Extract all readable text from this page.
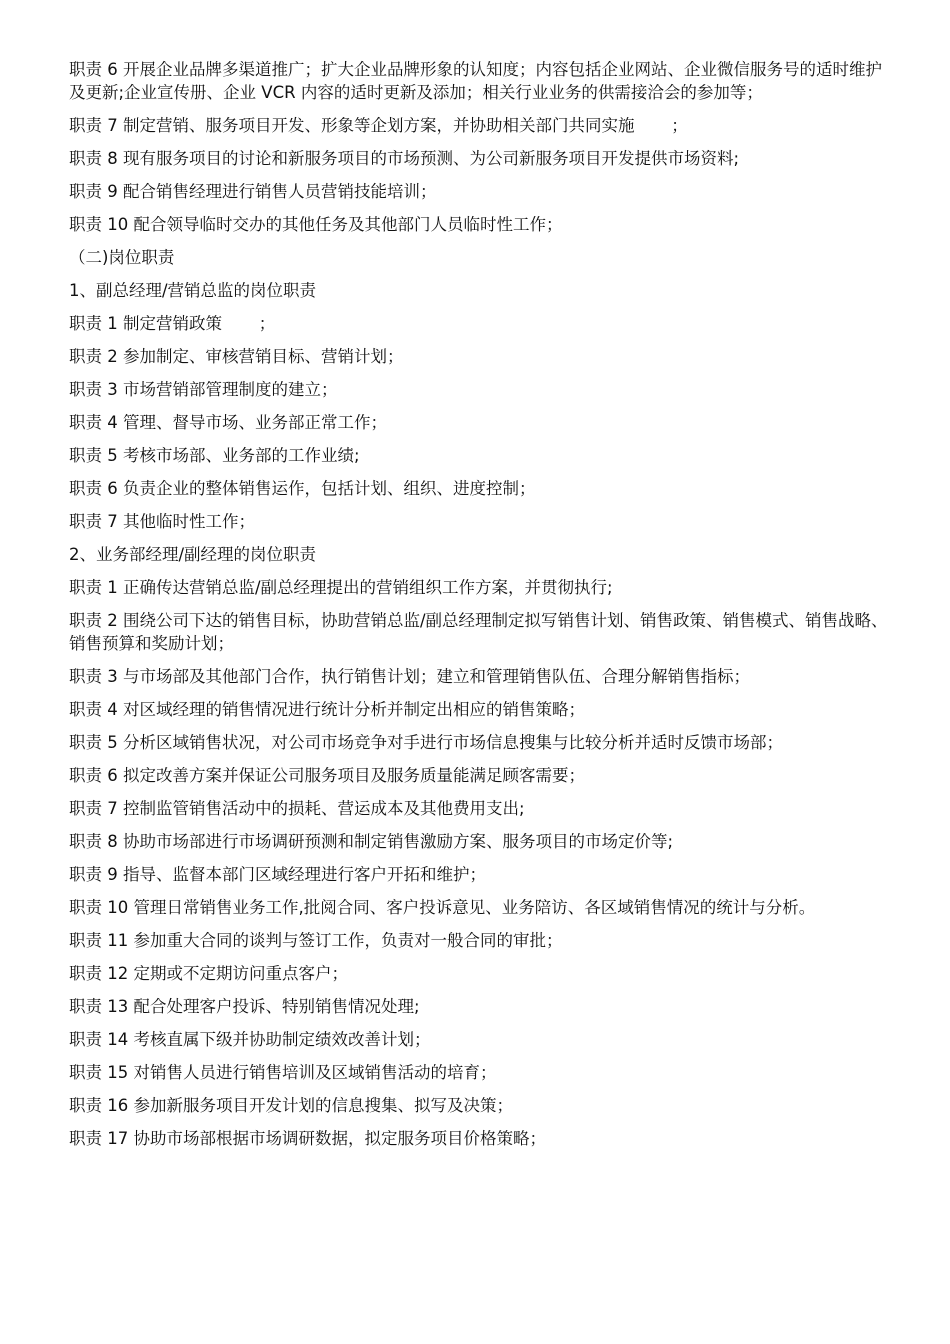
职责 6 开展企业品牌多渠道推广；扩大企业品牌形象的认知度；内容包括企业网站、企业微信服务号的适时维护及更新;企业宣传册、企业 VCR 内容的适时更新及添加；相关行业业务的供需接洽会的参加等；

职责 7 制定营销、服务项目开发、形象等企划方案，并协助相关部门共同实施       ；

职责 8 现有服务项目的讨论和新服务项目的市场预测、为公司新服务项目开发提供市场资料;

职责 9 配合销售经理进行销售人员营销技能培训；

职责 10 配合领导临时交办的其他任务及其他部门人员临时性工作；

（二)岗位职责

1、副总经理/营销总监的岗位职责

职责 1 制定营销政策       ；

职责 2 参加制定、审核营销目标、营销计划；

职责 3 市场营销部管理制度的建立；

职责 4 管理、督导市场、业务部正常工作；

职责 5 考核市场部、业务部的工作业绩;

职责 6 负责企业的整体销售运作，包括计划、组织、进度控制；

职责 7 其他临时性工作；

2、业务部经理/副经理的岗位职责

职责 1 正确传达营销总监/副总经理提出的营销组织工作方案，并贯彻执行;

职责 2 围绕公司下达的销售目标，协助营销总监/副总经理制定拟写销售计划、销售政策、销售模式、销售战略、销售预算和奖励计划；

职责 3 与市场部及其他部门合作，执行销售计划；建立和管理销售队伍、合理分解销售指标；

职责 4 对区域经理的销售情况进行统计分析并制定出相应的销售策略；

职责 5 分析区域销售状况，对公司市场竞争对手进行市场信息搜集与比较分析并适时反馈市场部；

职责 6 拟定改善方案并保证公司服务项目及服务质量能满足顾客需要；

职责 7 控制监管销售活动中的损耗、营运成本及其他费用支出;

职责 8 协助市场部进行市场调研预测和制定销售激励方案、服务项目的市场定价等;

职责 9 指导、监督本部门区域经理进行客户开拓和维护；

职责 10 管理日常销售业务工作,批阅合同、客户投诉意见、业务陪访、各区域销售情况的统计与分析。

职责 11 参加重大合同的谈判与签订工作，负责对一般合同的审批；

职责 12 定期或不定期访问重点客户；

职责 13 配合处理客户投诉、特别销售情况处理;

职责 14 考核直属下级并协助制定绩效改善计划；

职责 15 对销售人员进行销售培训及区域销售活动的培育；

职责 16 参加新服务项目开发计划的信息搜集、拟写及决策；

职责 17 协助市场部根据市场调研数据，拟定服务项目价格策略；
